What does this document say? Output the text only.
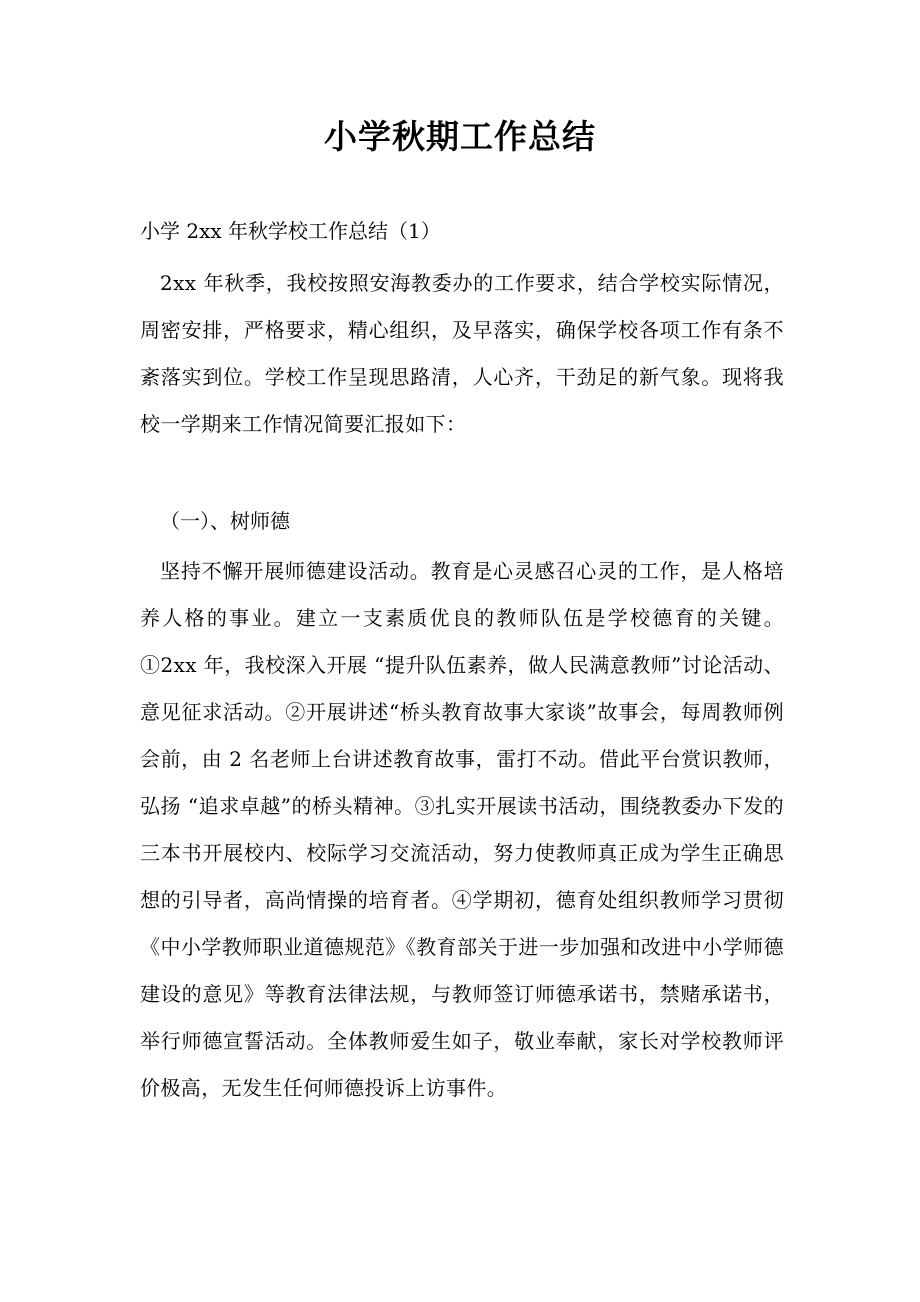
小学秋期工作总结

小学 2xx 年秋学校工作总结（1）

2xx 年秋季，我校按照安海教委办的工作要求，结合学校实际情况，周密安排，严格要求，精心组织，及早落实，确保学校各项工作有条不紊落实到位。学校工作呈现思路清，人心齐，干劲足的新气象。现将我校一学期来工作情况简要汇报如下：

（一）、树师德

坚持不懈开展师德建设活动。教育是心灵感召心灵的工作，是人格培养人格的事业。建立一支素质优良的教师队伍是学校德育的关键。①2xx 年，我校深入开展 “提升队伍素养，做人民满意教师”讨论活动、意见征求活动。②开展讲述“桥头教育故事大家谈”故事会，每周教师例会前，由 2 名老师上台讲述教育故事，雷打不动。借此平台赏识教师，弘扬 “追求卓越”的桥头精神。③扎实开展读书活动，围绕教委办下发的三本书开展校内、校际学习交流活动，努力使教师真正成为学生正确思想的引导者，高尚情操的培育者。④学期初，德育处组织教师学习贯彻《中小学教师职业道德规范》《教育部关于进一步加强和改进中小学师德建设的意见》等教育法律法规，与教师签订师德承诺书，禁赌承诺书，举行师德宣誓活动。全体教师爱生如子，敬业奉献，家长对学校教师评价极高，无发生任何师德投诉上访事件。
